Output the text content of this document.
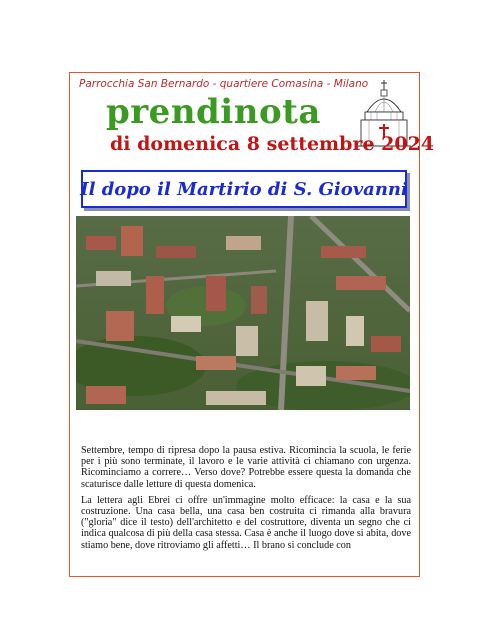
Parrocchia San Bernardo - quartiere Comasina - Milano
prendinota
di domenica 8 settembre 2024
Il dopo il Martirio di S. Giovanni

Settembre, tempo di ripresa dopo la pausa estiva. Ricomincia la scuola, le ferie per i più sono terminate, il lavoro e le varie attività ci chiamano con urgenza. Ricominciamo a correre… Verso dove? Potrebbe essere questa la domanda che scaturisce dalle letture di questa domenica.

La lettera agli Ebrei ci offre un'immagine molto efficace: la casa e la sua costruzione. Una casa bella, una casa ben costruita ci rimanda alla bravura ("gloria" dice il testo) dell'architetto e del costruttore, diventa un segno che ci indica qualcosa di più della casa stessa. Casa è anche il luogo dove si abita, dove stiamo bene, dove ritroviamo gli affetti… Il brano si conclude con
